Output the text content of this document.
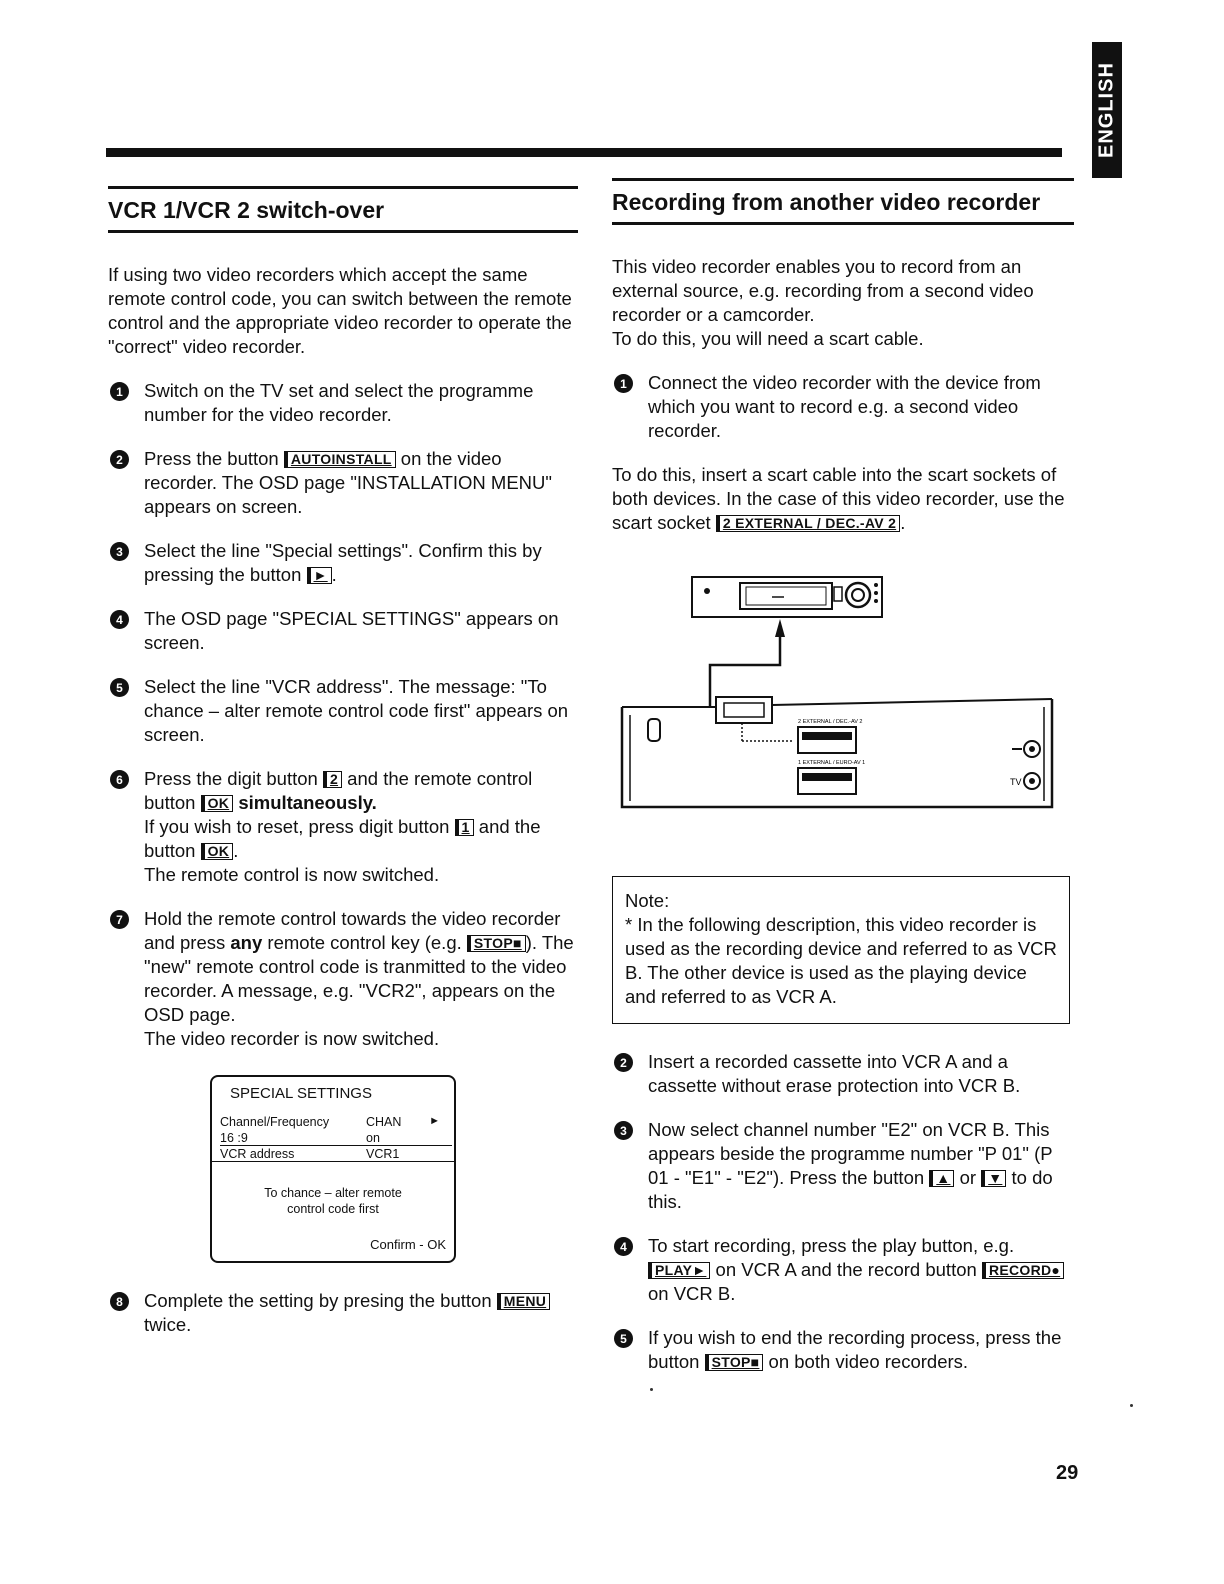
ENGLISH
VCR 1/VCR 2 switch-over

If using two video recorders which accept the same remote control code, you can switch between the remote control and the appropriate video recorder to operate the "correct" video recorder.

1	Switch on the TV set and select the programme number for the video recorder.
2	Press the button AUTOINSTALL on the video recorder. The OSD page "INSTALLATION MENU" appears on screen.
3	Select the line "Special settings". Confirm this by pressing the button ► .
4	The OSD page "SPECIAL SETTINGS" appears on screen.
5	Select the line "VCR address". The message: "To chance – alter remote control code first" appears on screen.
6	Press the digit button 2 and the remote control button OK simultaneously.
If you wish to reset, press digit button 1 and the button OK .
The remote control is now switched.
7	Hold the remote control towards the video recorder and press any remote control key (e.g. STOP■ ). The "new" remote control code is tranmitted to the video recorder. A message, e.g. "VCR2", appears on the OSD page.
The video recorder is now switched.
SPECIAL SETTINGS
Channel/Frequency	CHAN	►
16 :9	on
VCR address	VCR1
To chance – alter remote
control code first
Confirm - OK
8	Complete the setting by presing the button MENUtwice.
Recording from another video recorder

This video recorder enables you to record from an external source, e.g. recording from a second video recorder or a camcorder.

To do this, you will need a scart cable.

1	Connect the video recorder with the device from which you want to record e.g. a second video recorder.

To do this, insert a scart cable into the scart sockets of both devices. In the case of this video recorder, use the scart socket 2 EXTERNAL / DEC.-AV 2 .

2 EXTERNAL / DEC.-AV 2
1 EXTERNAL / EURO-AV 1
TV
Note:
* In the following description, this video recorder is used as the recording device and referred to as VCR B. The other device is used as the playing device and referred to as VCR A.
2	Insert a recorded cassette into VCR A and a cassette without erase protection into VCR B.
3	Now select channel number "E2" on VCR B. This appears beside the programme number "P 01" (P 01 - "E1" - "E2"). Press the button ▲ or ▼ to do this.
4	To start recording, press the play button, e.g. PLAY► on VCR A and the record button RECORD● on VCR B.
5	If you wish to end the recording process, press the button STOP■ on both video recorders.
29
